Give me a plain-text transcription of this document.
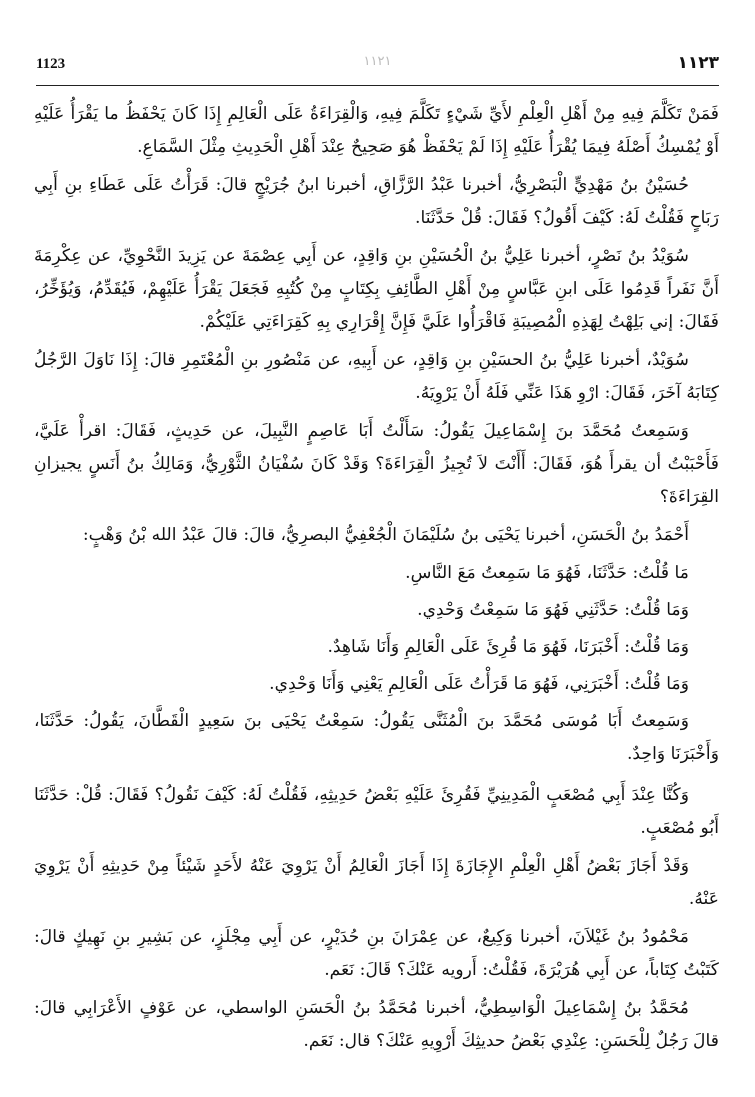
1123	١١٢١	١١٢٣

فَمَنْ تَكَلَّمَ فِيهِ مِنْ أَهْلِ الْعِلْمِ لأَيِّ شَيْءٍ تَكَلَّمَ فِيهِ، وَالْقِرَاءَةُ عَلَى الْعَالِمِ إِذَا كَانَ يَحْفَظُ ما يَقْرَأُ عَلَيْهِ أَوْ يُمْسِكُ أَصْلَهُ فِيمَا يُقْرَأُ عَلَيْهِ إِذَا لَمْ يَحْفَظْ هُوَ صَحِيحٌ عِنْدَ أَهْلِ الْحَدِيثِ مِثْلَ السَّمَاعِ.

حُسَيْنُ بنُ مَهْدِيٍّ الْبَصْرِيُّ، أخبرنا عَبْدُ الرَّزَّاقِ، أخبرنا ابنُ جُرَيْجٍ قالَ: قَرَأْتُ عَلَى عَطَاءِ بنِ أَبِي رَبَاحٍ فَقُلْتُ لَهُ: كَيْفَ أَقُولُ؟ فَقَالَ: قُلْ حَدَّثَنَا.

سُوَيْدُ بنُ نَصْرٍ، أخبرنا عَلِيُّ بنُ الْحُسَيْنِ بنِ وَاقِدٍ، عن أَبِي عِصْمَةَ عن يَزِيدَ النَّحْوِيِّ، عن عِكْرِمَةَ أَنَّ نَفَراً قَدِمُوا عَلَى ابنِ عَبَّاسٍ مِنْ أَهْلِ الطَّائِفِ بِكِتَابٍ مِنْ كُتُبِهِ فَجَعَلَ يَقْرَأُ عَلَيْهِمْ، فَيُقَدِّمُ، وَيُؤَخِّرُ، فَقَالَ: إني بَلِهْتُ لِهَذِهِ الْمُصِيبَةِ فَاقْرَأُوا عَلَيَّ فَإِنَّ إِقْرَارِي بِهِ كَقِرَاءَتِي عَلَيْكُمْ.

سُوَيْدٌ، أخبرنا عَلِيُّ بنُ الحسَيْنِ بنِ وَاقِدٍ، عن أَبِيهِ، عن مَنْصُورِ بنِ الْمُعْتَمِرِ قالَ: إِذَا نَاوَلَ الرَّجُلُ كِتَابَهُ آخَرَ، فَقَالَ: ارْوِ هَذَا عَنِّي فَلَهُ أَنْ يَرْوِيَهُ.

وَسَمِعتُ مُحَمَّدَ بنَ إِسْمَاعِيلَ يَقُولُ: سَأَلْتُ أَبَا عَاصِمٍ النَّبِيلَ، عن حَدِيثٍ، فَقَالَ: اقرأْ عَلَيَّ، فَأَحْبَبْتُ أن يقرأَ هُوَ، فَقَالَ: أَأَنْتَ لاَ تُجِيزُ الْقِرَاءَةَ؟ وَقَدْ كَانَ سُفْيَانُ الثَّوْرِيُّ، وَمَالِكُ بنُ أَنَسٍ يجيزانِ القِرَاءَةَ؟

أَحْمَدُ بنُ الْحَسَنِ، أخبرنا يَحْيَى بنُ سُلَيْمَانَ الْجُعْفِيُّ البصرِيُّ، قالَ: قالَ عَبْدُ الله بْنُ وَهْبٍ:

مَا قُلْتُ: حَدَّثَنَا، فَهُوَ مَا سَمِعتُ مَعَ النَّاسِ.

وَمَا قُلْتُ: حَدَّثَنِي فَهُوَ مَا سَمِعْتُ وَحْدِي.

وَمَا قُلْتُ: أَخْبَرَنَا، فَهُوَ مَا قُرِئَ عَلَى الْعَالِمِ وَأَنَا شَاهِدٌ.

وَمَا قُلْتُ: أَخْبَرَنِي، فَهُوَ مَا قَرَأْتُ عَلَى الْعَالِمِ يَعْنِي وَأَنَا وَحْدِي.

وَسَمِعتُ أَبَا مُوسَى مُحَمَّدَ بنَ الْمُثَنَّى يَقُولُ: سَمِعْتُ يَحْيَى بنَ سَعِيدٍ الْقَطَّانَ، يَقُولُ: حَدَّثَنَا، وَأَخْبَرَنَا وَاحِدٌ.

وَكُنَّا عِنْدَ أَبِي مُصْعَبٍ الْمَدِينِيِّ فَقُرِئَ عَلَيْهِ بَعْضُ حَدِيثِهِ، فَقُلْتُ لَهُ: كَيْفَ نَقُولُ؟ فَقَالَ: قُلْ: حَدَّثَنَا أَبُو مُصْعَبٍ.

وَقَدْ أَجَازَ بَعْضُ أَهْلِ الْعِلْمِ الإِجَازَةَ إِذَا أَجَازَ الْعَالِمُ أَنْ يَرْوِيَ عَنْهُ لأَحَدٍ شَيْئاً مِنْ حَدِيثِهِ أَنْ يَرْوِيَ عَنْهُ.

مَحْمُودُ بنُ غَيْلاَنَ، أخبرنا وَكِيعٌ، عن عِمْرَانَ بنِ حُدَيْرٍ، عن أَبِي مِجْلَزٍ، عن بَشِيرِ بنِ نَهِيكٍ قالَ: كَتَبْتُ كِتَاباً، عن أَبِي هُرَيْرَةَ، فَقُلْتُ: أَرويه عَنْكَ؟ قَالَ: نَعَم.

مُحَمَّدُ بنُ إِسْمَاعِيلَ الْوَاسِطِيُّ، أخبرنا مُحَمَّدُ بنُ الْحَسَنِ الواسطي، عن عَوْفٍ الأَعْرَابِي قالَ: قالَ رَجُلٌ لِلْحَسَنِ: عِنْدِي بَعْضُ حديثِكَ أَرْوِيهِ عَنْكَ؟ قال: نَعَم.
